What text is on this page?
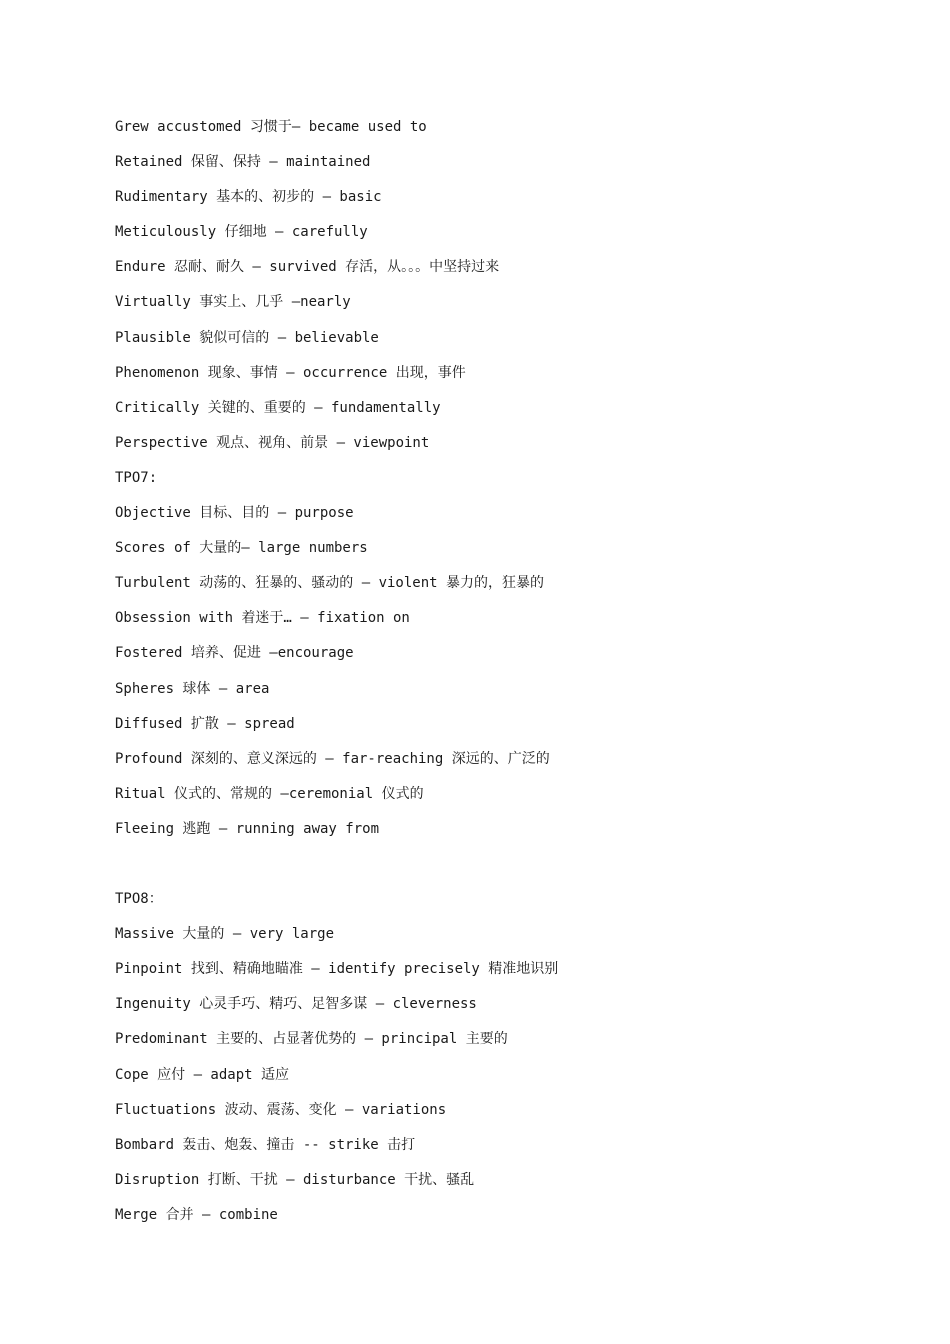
Grew accustomed 习惯于– became used to
Retained 保留、保持 – maintained
Rudimentary 基本的、初步的 – basic
Meticulously 仔细地 – carefully
Endure 忍耐、耐久 – survived 存活，从。。。中坚持过来
Virtually 事实上、几乎 –nearly
Plausible 貌似可信的 – believable
Phenomenon 现象、事情 – occurrence 出现，事件
Critically 关键的、重要的 – fundamentally
Perspective 观点、视角、前景 – viewpoint
TPO7:
Objective 目标、目的 – purpose
Scores of 大量的– large numbers
Turbulent 动荡的、狂暴的、骚动的 – violent 暴力的，狂暴的
Obsession with 着迷于… – fixation on
Fostered 培养、促进 –encourage
Spheres 球体 – area
Diffused 扩散 – spread
Profound 深刻的、意义深远的 – far-reaching 深远的、广泛的
Ritual 仪式的、常规的 –ceremonial 仪式的
Fleeing 逃跑 – running away from
TPO8：
Massive 大量的 – very large
Pinpoint 找到、精确地瞄准 – identify precisely 精准地识别
Ingenuity 心灵手巧、精巧、足智多谋 – cleverness
Predominant 主要的、占显著优势的 – principal 主要的
Cope 应付 – adapt 适应
Fluctuations 波动、震荡、变化 – variations
Bombard 轰击、炮轰、撞击 -- strike 击打
Disruption 打断、干扰 – disturbance 干扰、骚乱
Merge 合并 – combine
